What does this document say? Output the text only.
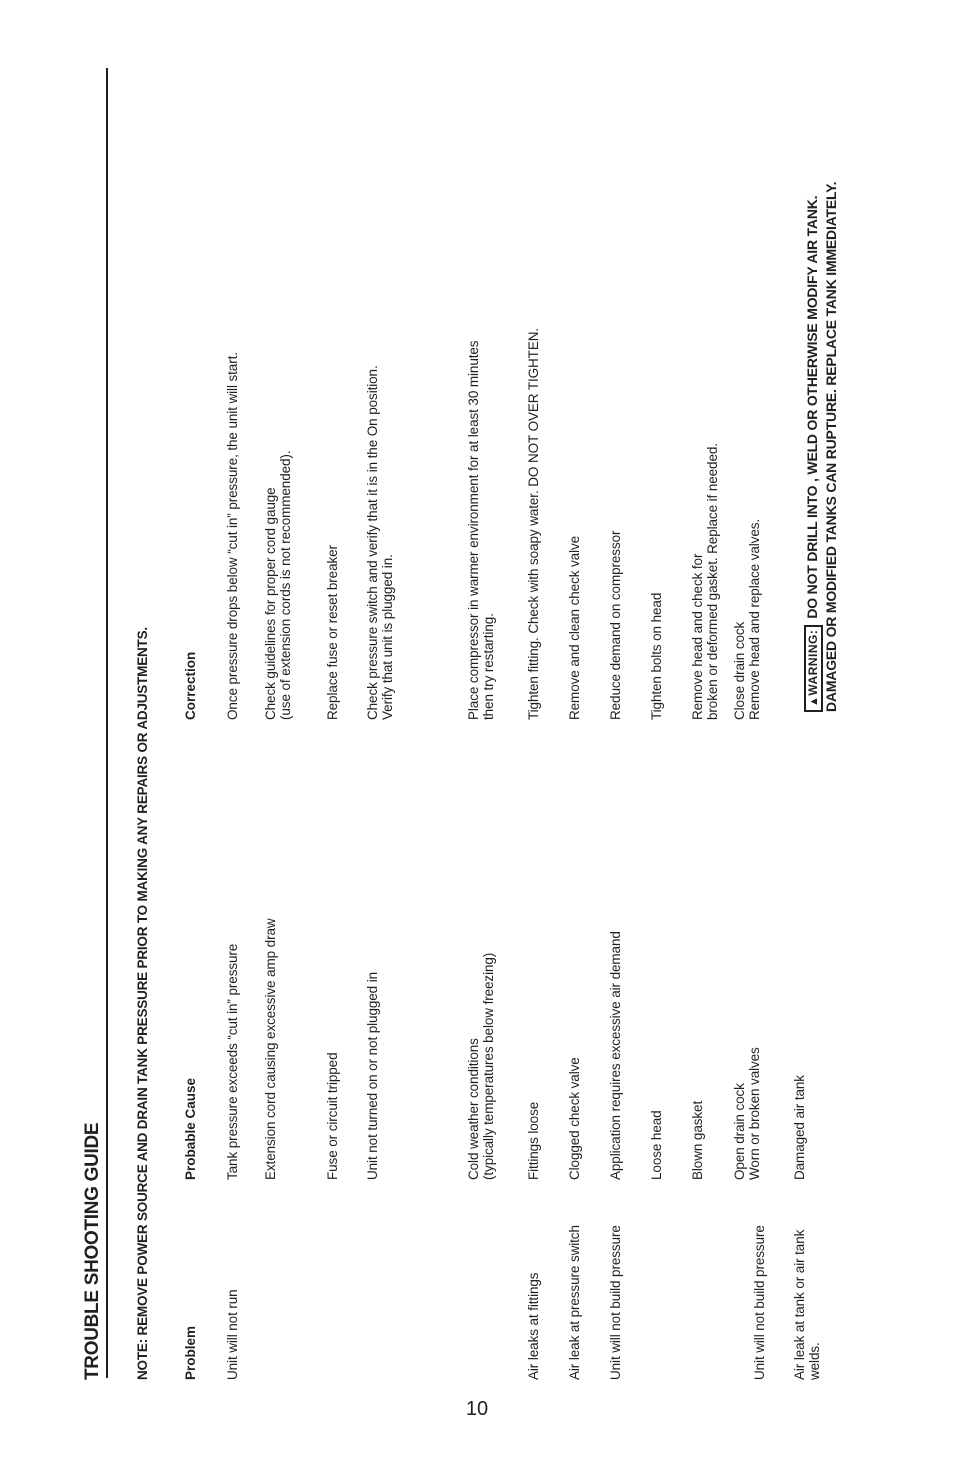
TROUBLE SHOOTING GUIDE NOTE: REMOVE POWER SOURCE AND DRAIN TANK PRESSURE PRIOR TO MAKING ANY REPAIRS OR ADJUSTMENTS. Problem
Probable Cause
Correction
Unit will not run
Tank pressure exceeds “cut in” pressure
Once pressure drops below “cut in” pressure, the unit will start.
Extension cord causing excessive amp draw
Check guidelines for proper cord gauge (use of extension cords is not recommended).
Fuse or circuit tripped
Replace fuse or reset breaker
Unit not turned on or not plugged in
Check pressure switch and verify that it is in the On position. Verify that unit is plugged in.
Cold weather conditions (typically temperatures below freezing)
Place compressor in warmer environment for at least 30 minutes then try restarting.
Air leaks at fittings
Fittings loose
Tighten fitting. Check with soapy water. DO NOT OVER TIGHTEN.
Air leak at pressure switch
Clogged check valve
Remove and clean check valve
Unit will not build pressure
Application requires excessive air demand
Reduce demand on compressor
Loose head
Tighten bolts on head
Blown gasket
Remove head and check for broken or deformed gasket. Replace if needed.
Unit will not build pressure
Open drain cock Worn or broken valves
Close drain cock Remove head and replace valves.
Air leak at tank or air tank welds.
Damaged air tank
▲WARNING:DO NOT DRILL INTO , WELD OR OTHERWISE MODIFY AIR TANK. DAMAGED OR MODIFIED TANKS CAN RUPTURE. REPLACE TANK IMMEDIATELY.
10
